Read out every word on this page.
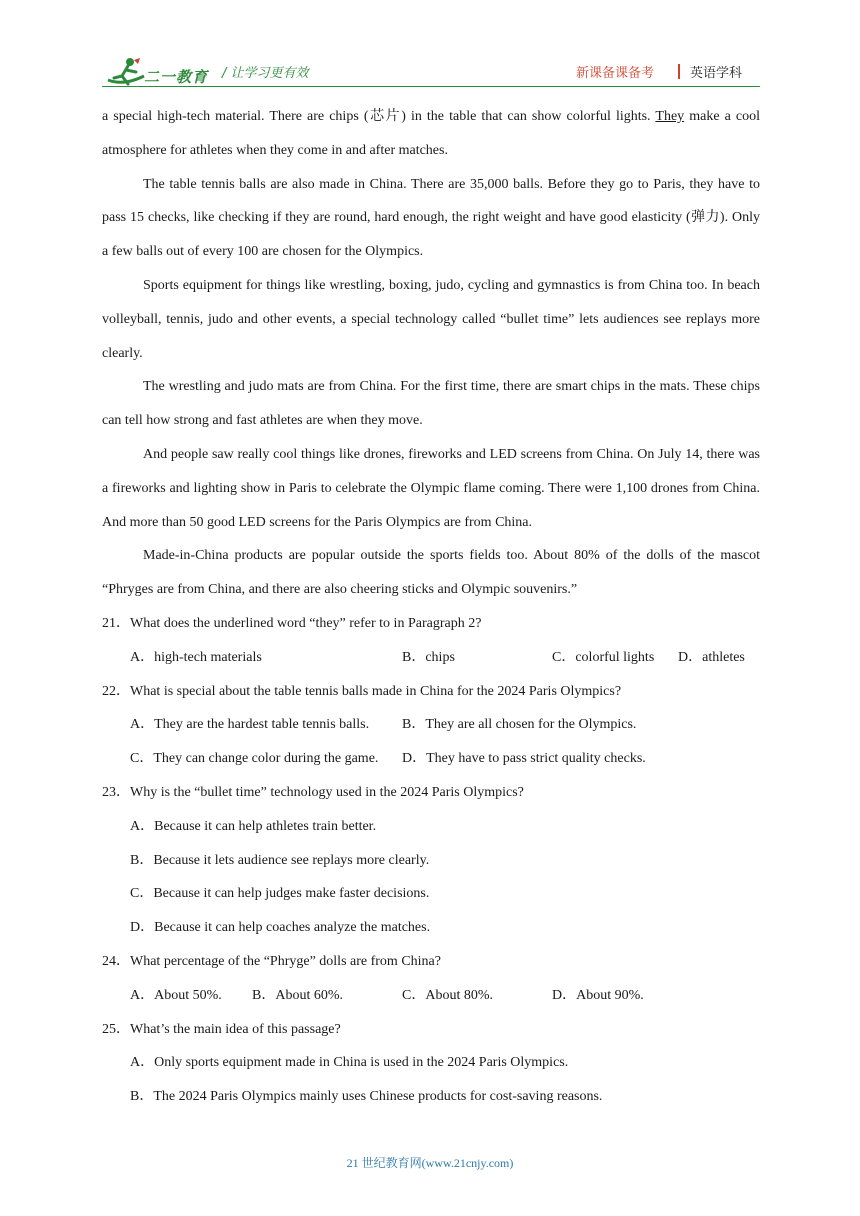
二一教育 / 让学习更有效	新课备课备考	英语学科

a special high-tech material. There are chips (芯片) in the table that can show colorful lights. They make a cool atmosphere for athletes when they come in and after matches.

The table tennis balls are also made in China. There are 35,000 balls. Before they go to Paris, they have to pass 15 checks, like checking if they are round, hard enough, the right weight and have good elasticity (弹力). Only a few balls out of every 100 are chosen for the Olympics.

Sports equipment for things like wrestling, boxing, judo, cycling and gymnastics is from China too. In beach volleyball, tennis, judo and other events, a special technology called “bullet time” lets audiences see replays more clearly.

The wrestling and judo mats are from China. For the first time, there are smart chips in the mats. These chips can tell how strong and fast athletes are when they move.

And people saw really cool things like drones, fireworks and LED screens from China. On July 14, there was a fireworks and lighting show in Paris to celebrate the Olympic flame coming. There were 1,100 drones from China. And more than 50 good LED screens for the Paris Olympics are from China.

Made-in-China products are popular outside the sports fields too. About 80% of the dolls of the mascot “Phryges are from China, and there are also cheering sticks and Olympic souvenirs.”

21．What does the underlined word “they” refer to in Paragraph 2?
A．high-tech materials	B．chips	C．colorful lights D．athletes
22．What is special about the table tennis balls made in China for the 2024 Paris Olympics?
A．They are the hardest table tennis balls. B．They are all chosen for the Olympics.
C．They can change color during the game. D．They have to pass strict quality checks.
23．Why is the “bullet time” technology used in the 2024 Paris Olympics?
A．Because it can help athletes train better.
B．Because it lets audience see replays more clearly.
C．Because it can help judges make faster decisions.
D．Because it can help coaches analyze the matches.
24．What percentage of the “Phryge” dolls are from China?
A．About 50%. B．About 60%.	C．About 80%.	D．About 90%.
25．What’s the main idea of this passage?
A．Only sports equipment made in China is used in the 2024 Paris Olympics.
B．The 2024 Paris Olympics mainly uses Chinese products for cost-saving reasons.
21 世纪教育网(www.21cnjy.com)
